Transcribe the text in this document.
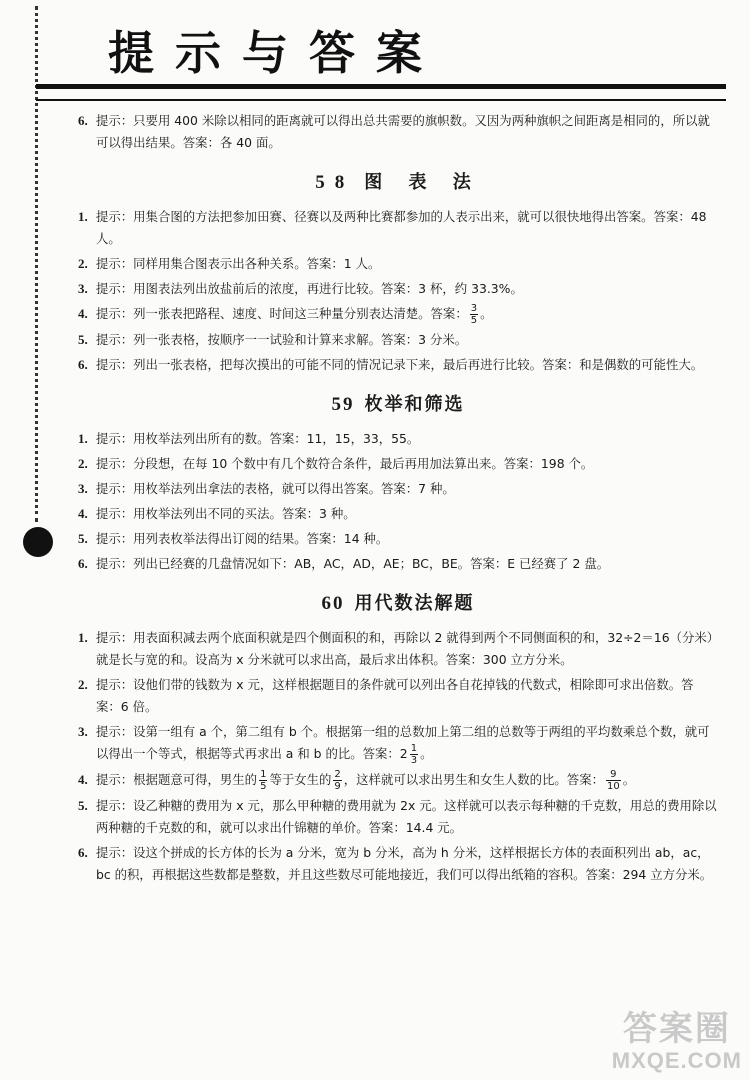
提示与答案
6. 提示：只要用 400 米除以相同的距离就可以得出总共需要的旗帜数。又因为两种旗帜之间距离是相同的，所以就可以得出结果。答案：各 40 面。
58 图 表 法
1. 提示：用集合图的方法把参加田赛、径赛以及两种比赛都参加的人表示出来，就可以很快地得出答案。答案：48 人。
2. 提示：同样用集合图表示出各种关系。答案：1 人。
3. 提示：用图表法列出放盐前后的浓度，再进行比较。答案：3 杯，约 33.3%。
4. 提示：列一张表把路程、速度、时间这三种量分别表达清楚。答案： $\frac{3}{5}$ 。
5. 提示：列一张表格，按顺序一一试验和计算来求解。答案：3 分米。
6. 提示：列出一张表格，把每次摸出的可能不同的情况记录下来，最后再进行比较。答案：和是偶数的可能性大。
59 枚举和筛选
1. 提示：用枚举法列出所有的数。答案：11，15，33，55。
2. 提示：分段想，在每 10 个数中有几个数符合条件，最后再用加法算出来。答案：198 个。
3. 提示：用枚举法列出拿法的表格，就可以得出答案。答案：7 种。
4. 提示：用枚举法列出不同的买法。答案：3 种。
5. 提示：用列表枚举法得出订阅的结果。答案：14 种。
6. 提示：列出已经赛的几盘情况如下：AB，AC，AD，AE；BC，BE。答案：E 已经赛了 2 盘。
60 用代数法解题
1. 提示：用表面积减去两个底面积就是四个侧面积的和，再除以 2 就得到两个不同侧面积的和，32÷2＝16（分米）就是长与宽的和。设高为 x 分米就可以求出高，最后求出体积。答案：300 立方分米。
2. 提示：设他们带的钱数为 x 元，这样根据题目的条件就可以列出各自花掉钱的代数式，相除即可求出倍数。答案：6 倍。
3. 提示：设第一组有 a 个，第二组有 b 个。根据第一组的总数加上第二组的总数等于两组的平均数乘总个数，就可以得出一个等式，根据等式再求出 a 和 b 的比。答案：$2 \frac{1}{3}$ 。
4. 提示：根据题意可得，男生的 $\frac{1}{5}$ 等于女生的 $\frac{2}{9}$ ，这样就可以求出男生和女生人数的比。答案： $\frac{9}{10}$ 。
5. 提示：设乙种糖的费用为 x 元，那么甲种糖的费用就为 2x 元。这样就可以表示每种糖的千克数，用总的费用除以两种糖的千克数的和，就可以求出什锦糖的单价。答案：14.4 元。
6. 提示：设这个拼成的长方体的长为 a 分米，宽为 b 分米，高为 h 分米，这样根据长方体的表面积列出 ab，ac，bc 的积，再根据这些数都是整数，并且这些数尽可能地接近，我们可以得出纸箱的容积。答案：294 立方分米。
答案圈
MXQE.COM
